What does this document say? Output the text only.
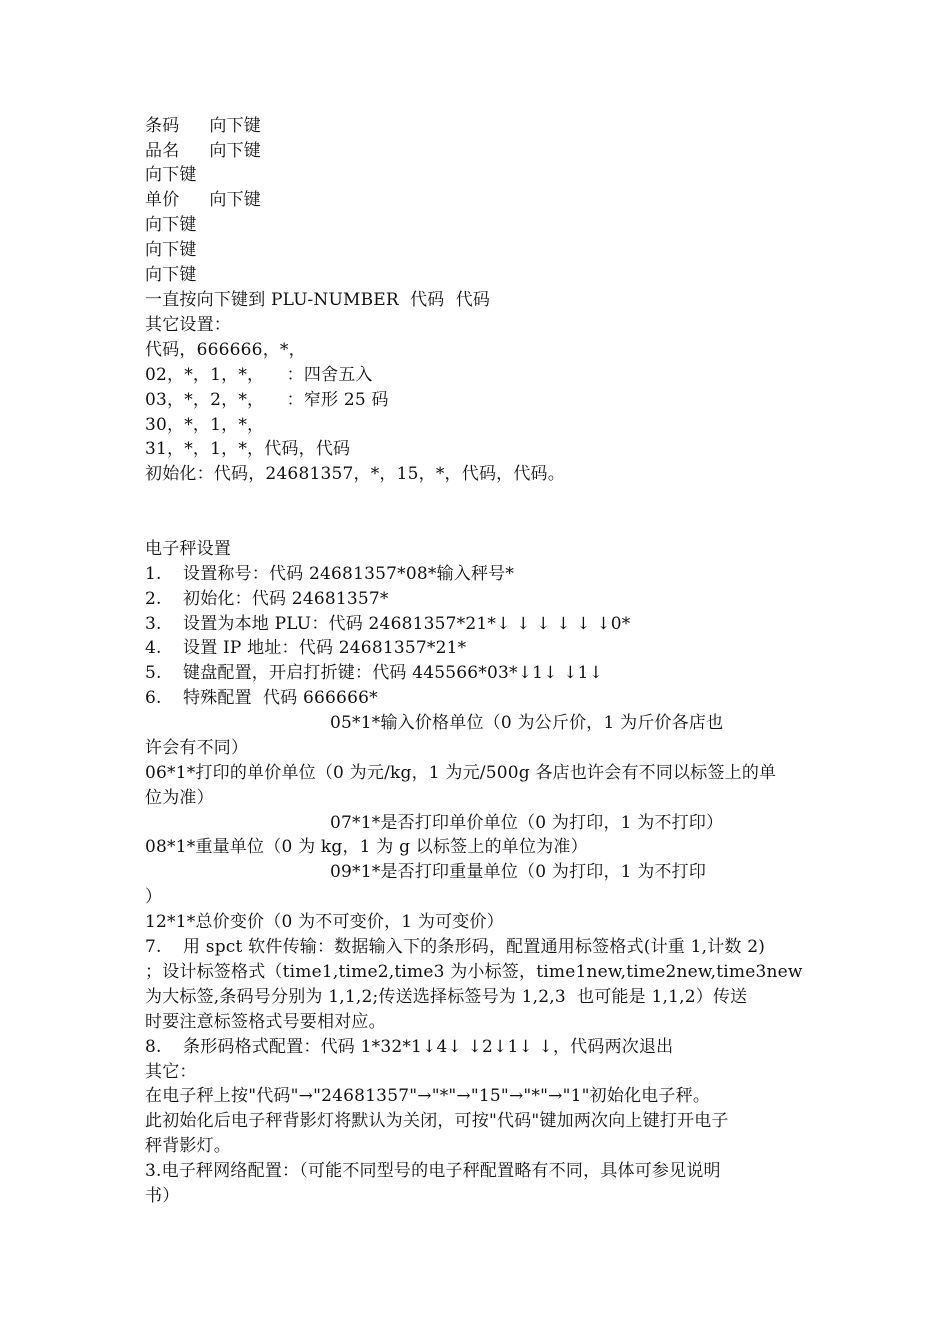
条码 向下键
品名 向下键
向下键
单价 向下键
向下键
向下键
向下键
一直按向下键到 PLU-NUMBER  代码  代码
其它设置：
代码，666666，*，
02，*，1，*，    ：四舍五入
03，*，2，*，    ：窄形 25 码
30，*，1，*，
31，*，1，*，代码，代码
初始化：代码，24681357，*，15，*，代码，代码。
电子秤设置
1. 设置称号：代码 24681357*08*输入秤号*
2. 初始化：代码 24681357*
3. 设置为本地 PLU：代码 24681357*21*↓ ↓ ↓ ↓ ↓ ↓0*
4. 设置 IP 地址：代码 24681357*21*
5. 键盘配置，开启打折键：代码 445566*03*↓1↓ ↓1↓
6. 特殊配置  代码 666666*
05*1*输入价格单位（0 为公斤价，1 为斤价各店也
许会有不同）
06*1*打印的单价单位（0 为元/kg，1 为元/500g 各店也许会有不同以标签上的单
位为准）
07*1*是否打印单价单位（0 为打印，1 为不打印）
08*1*重量单位（0 为 kg，1 为 g 以标签上的单位为准）
09*1*是否打印重量单位（0 为打印，1 为不打印
）
12*1*总价变价（0 为不可变价，1 为可变价）
7. 用 spct 软件传输：数据输入下的条形码，配置通用标签格式(计重 1,计数 2)
；设计标签格式（time1,time2,time3 为小标签，time1new,time2new,time3new
为大标签,条码号分别为 1,1,2;传送选择标签号为 1,2,3  也可能是 1,1,2）传送
时要注意标签格式号要相对应。
8. 条形码格式配置：代码 1*32*1↓4↓ ↓2↓1↓ ↓，代码两次退出
其它：
在电子秤上按"代码"→"24681357"→"*"→"15"→"*"→"1"初始化电子秤。
此初始化后电子秤背影灯将默认为关闭，可按"代码"键加两次向上键打开电子
秤背影灯。
3.电子秤网络配置：（可能不同型号的电子秤配置略有不同，具体可参见说明
书）
